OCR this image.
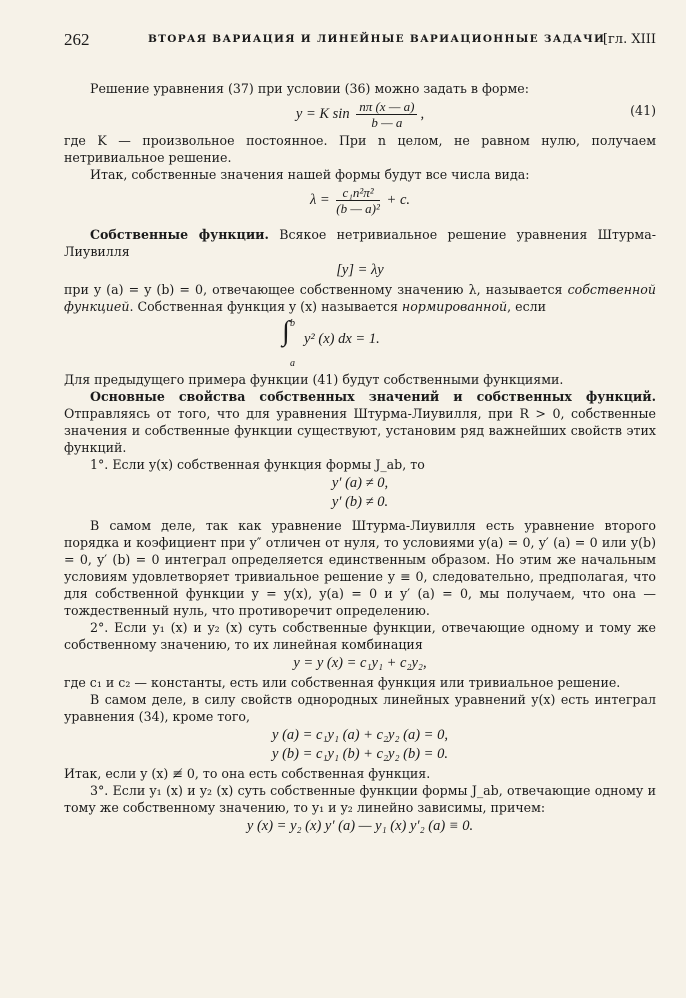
262	ВТОРАЯ ВАРИАЦИЯ И ЛИНЕЙНЫЕ ВАРИАЦИОННЫЕ ЗАДАЧИ
[гл. XIII

Решение уравнения (37) при условии (36) можно задать в форме:

y = K $\sin \frac{n\pi (x — a)}{b — a}$ ,	(41)

где K — произвольное постоянное. При n целом, не равном нулю, получаем нетривиальное решение.

Итак, собственные значения нашей формы будут все числа вида:

$\lambda = \frac{\text{c₁n²π²}}{\text{(b — a)²}} + c$.

Собственные функции. Всякое нетривиальное решение уравнения Штурма-Лиувилля

[y] = λy

при y (a) = y (b) = 0, отвечающее собственному значению λ, называется собственной функцией. Собственная функция y (x) называется нормированной, если

b
∫
a
y² (x) dx = 1.

Для предыдущего примера функции (41) будут собственными функциями.

Основные свойства собственных значений и собственных функций. Отправляясь от того, что для уравнения Штурма-Лиувилля, при R > 0, собственные значения и собственные функции существуют, установим ряд важнейших свойств этих функций.

1°. Если y(x) собственная функция формы J_ab, то

y′ (a) ≠ 0,
y′ (b) ≠ 0.

В самом деле, так как уравнение Штурма-Лиувилля есть уравнение второго порядка и коэфициент при y″ отличен от нуля, то условиями y(a) = 0, y′ (a) = 0 или y(b) = 0, y′ (b) = 0 интеграл определяется единственным образом. Но этим же начальным условиям удовлетворяет тривиальное решение y ≡ 0, следовательно, предполагая, что для собственной функции y = y(x), y(a) = 0 и y′ (a) = 0, мы получаем, что она — тождественный нуль, что противоречит определению.

2°. Если y₁ (x) и y₂ (x) суть собственные функции, отвечающие одному и тому же собственному значению, то их линейная комбинация

y = y (x) = c₁y₁ + c₂y₂,

где c₁ и c₂ — константы, есть или собственная функция или тривиальное решение.

В самом деле, в силу свойств однородных линейных уравнений y(x) есть интеграл уравнения (34), кроме того,

y (a) = c₁y₁ (a) + c₂y₂ (a) = 0,
y (b) = c₁y₁ (b) + c₂y₂ (b) = 0.

Итак, если y (x) ≢ 0, то она есть собственная функция.

3°. Если y₁ (x) и y₂ (x) суть собственные функции формы J_ab, отвечающие одному и тому же собственному значению, то y₁ и y₂ линейно зависимы, причем:

y (x) = y₂ (x) y′ (a) — y₁ (x) y′₂ (a) ≡ 0.
